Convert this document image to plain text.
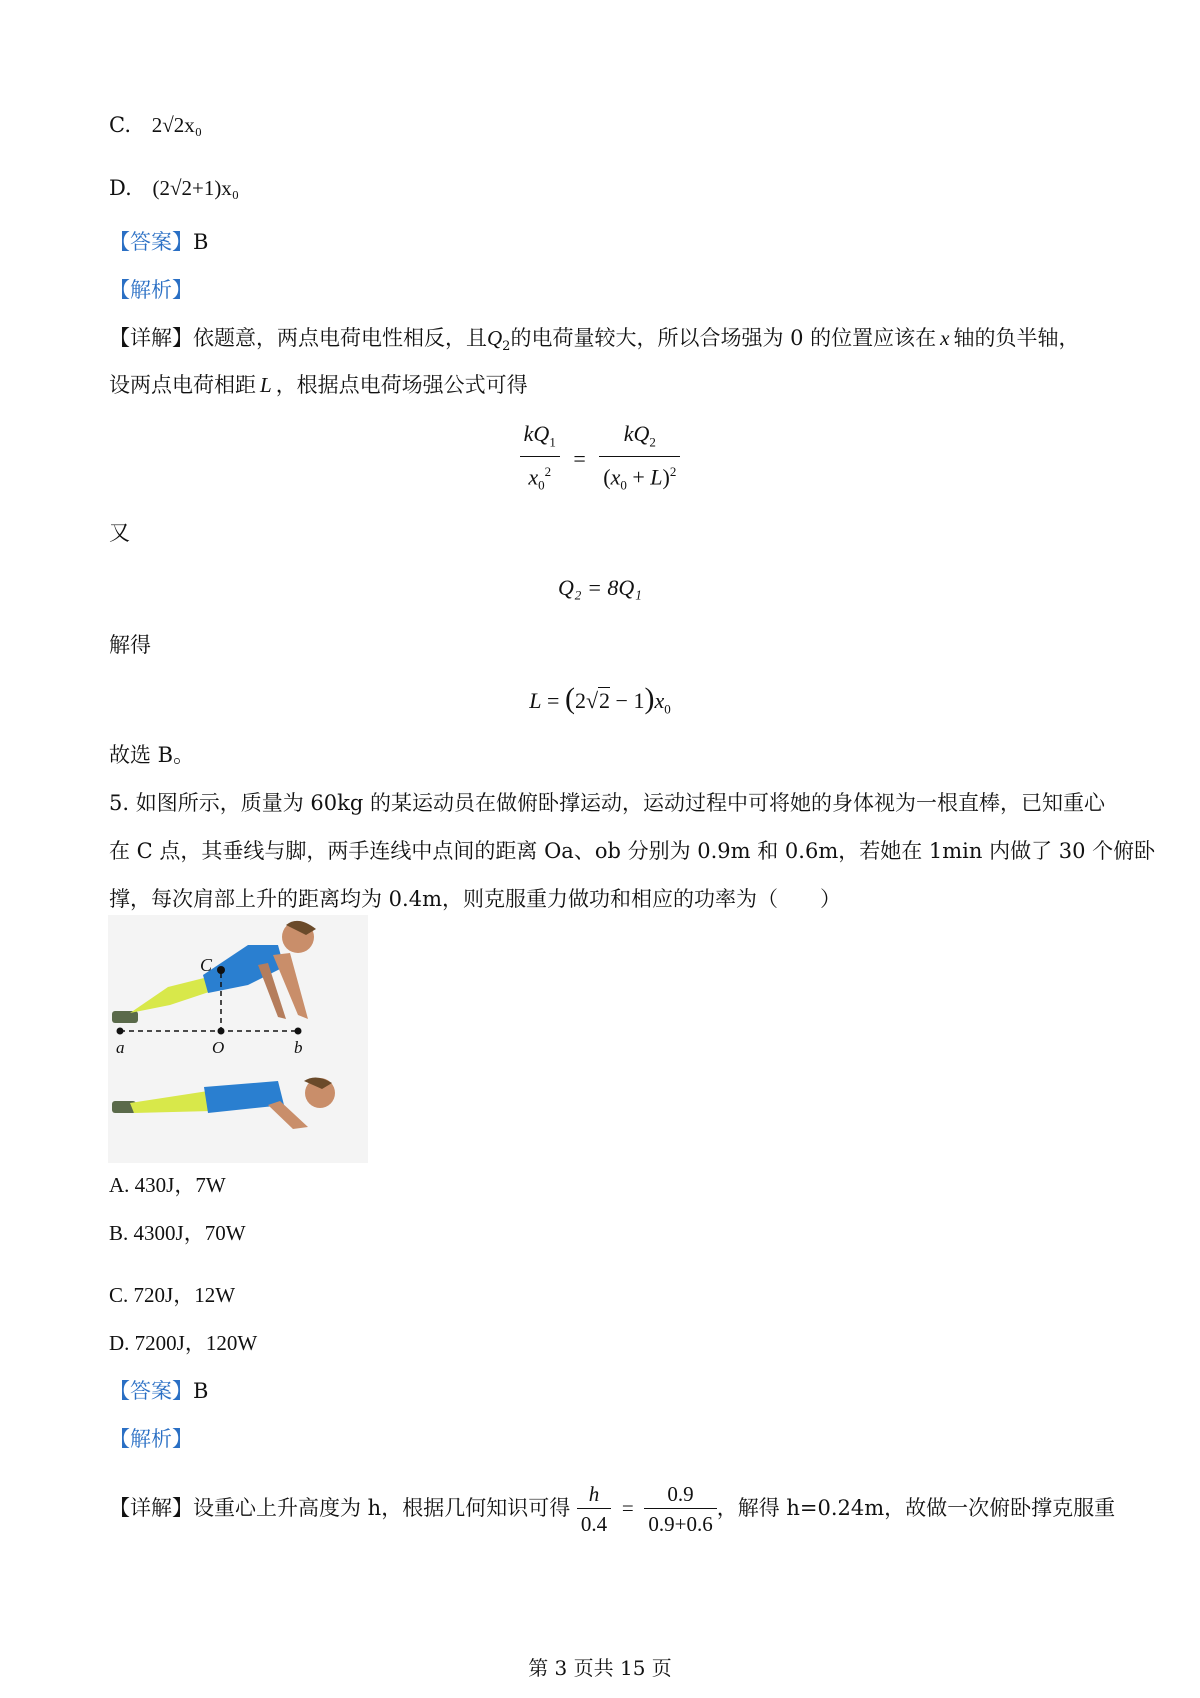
C. 2√2x₀
D. (2√2+1)x₀
【答案】B
【解析】
【详解】依题意，两点电荷电性相反，且$Q_2$的电荷量较大，所以合场强为 0 的位置应该在 x 轴的负半轴，
设两点电荷相距 L ，根据点电荷场强公式可得
$\frac{kQ_1}{x_0^2} = \frac{kQ_2}{(x_0 + L)^2}$
又
Q₂ = 8Q₁
解得
$L = (2√2 - 1)x_0$
故选 B。
5. 如图所示，质量为 60kg 的某运动员在做俯卧撑运动，运动过程中可将她的身体视为一根直棒，已知重心
在 C 点，其垂线与脚，两手连线中点间的距离 Oa、ob 分别为 0.9m 和 0.6m，若她在 1min 内做了 30 个俯卧
撑，每次肩部上升的距离均为 0.4m，则克服重力做功和相应的功率为（　　）
C
a	O	b
A. 430J，7W
B. 4300J，70W
C. 720J，12W
D. 7200J，120W
【答案】B
【解析】
【详解】设重心上升高度为 h，根据几何知识可得 $\frac{h}{0.4} = \frac{0.9}{0.9+0.6}$ ，解得 h=0.24m，故做一次俯卧撑克服重
第 3 页共 15 页
